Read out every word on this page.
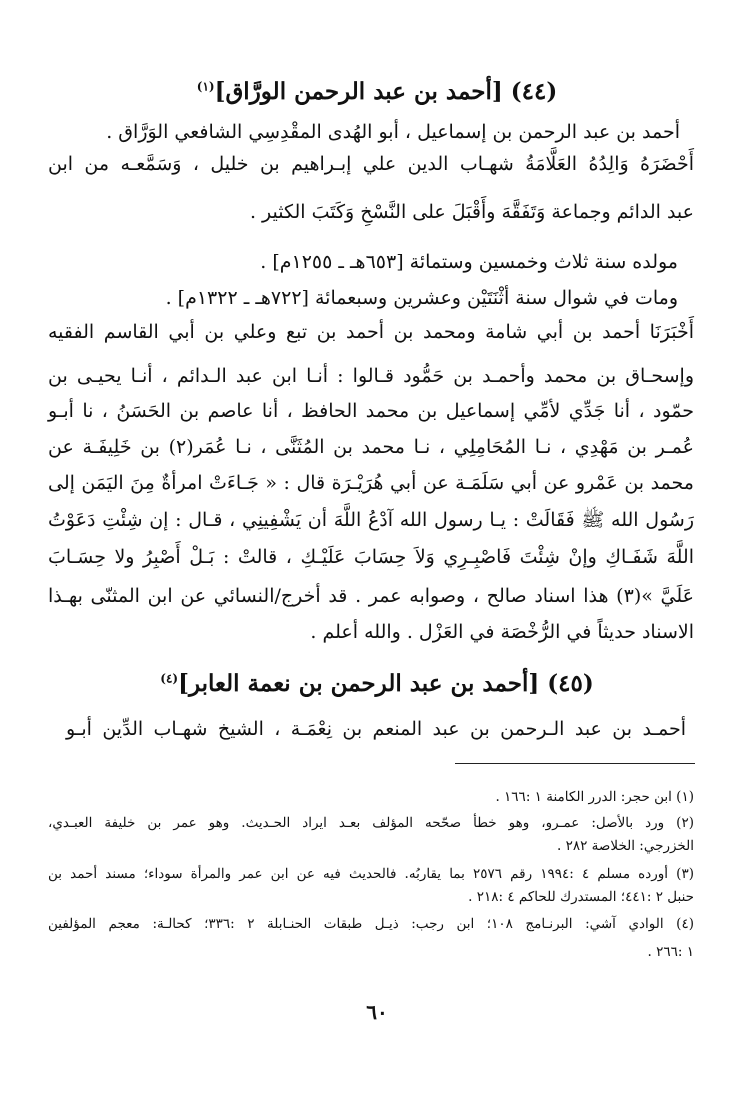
(٤٤) [أحمد بن عبد الرحمن الورَّاق]$^{(١)}$
أحمد بن عبد الرحمن بن إسماعيل ، أبو الهُدى المقْدِسِي الشافعي الوَرَّاق .
أَحْضَرَهُ وَالِدُهُ العَلَّامَةُ شهـاب الدين علي إبـراهيم بن خليل ، وَسَمَّعـه من ابن
عبد الدائم وجماعة وَتَفَقَّهَ وأَقْبَلَ على النَّسْخِ وَكَتَبَ الكثير .
مولده سنة ثلاث وخمسين وستمائة [٦٥٣هـ ـ ١٢٥٥م] .
ومات في شوال سنة أثْنَتَيْن وعشرين وسبعمائة [٧٢٢هـ ـ ١٣٢٢م] .
أَخْبَرَنَا أحمد بن أبي شامة ومحمد بن أحمد بن تبع وعلي بن أبي القاسم الفقيه
وإسحـاق بن محمد وأحمـد بن حَمُّود قـالوا : أنـا ابن عبد الـدائم ، أنـا يحيـى بن
حمّود ، أنا جَدِّي لأمِّي إسماعيل بن محمد الحافظ ، أنا عاصم بن الحَسَنُ ، نا أبـو
عُمـر بن مَهْدِي ، نـا المُحَامِلِي ، نـا محمد بن المُثَنَّى ، نـا عُمَر(٢) بن خَلِيفَـة عن
محمد بن عَمْرو عن أبي سَلَمَـة عن أبي هُرَيْـرَة قال : « جَـاءَتْ امرأةٌ مِنَ اليَمَن إلى
رَسُول الله ﷺ فَقَالَتْ : يـا رسول الله آدْعُ اللَّهَ أن يَشْفِينِي ، قـال : إن شِئْتِ دَعَوْتُ
اللَّهَ شَفَـاكِ وإنْ شِئْتَ فَاصْبِـرِي وَلاَ حِسَابَ عَلَيْـكِ ، قالتْ : بَـلْ أَصْبِرُ ولا حِسَـابَ
عَلَيَّ »(٣) هذا اسناد صالح ، وصوابه عمر . قد أخرج/النسائي عن ابن المثنّى بهـذا
الاسناد حديثاً في الرُّخْصَة في العَزْل . والله أعلم .
(٤٥) [أحمد بن عبد الرحمن بن نعمة العابر]$^{(٤)}$
أحمـد بن عبد الـرحمن بن عبد المنعم بن نِعْمَـة ، الشيخ شهـاب الدِّين أبـو
(١) ابن حجر: الدرر الكامنة ١ :١٦٦ .
(٢) ورد بالأصل: عمـرو، وهو خطأ صحّحه المؤلف بعـد ايراد الحـديث. وهو عمر بن خليفة العبـدي،
الخزرجي: الخلاصة ٢٨٢ .
(٣) أورده مسلم ٤ :١٩٩٤ رقم ٢٥٧٦ بما يقاربُه. فالحديث فيه عن ابن عمر والمرأة سوداء؛ مسند أحمد بن
حنبل ٢ :٤٤١؛ المستدرك للحاكم ٤ :٢١٨ .
(٤) الوادي آشي: البرنـامج ١٠٨؛ ابن رجب: ذيـل طبقات الحنـابلة ٢ :٣٣٦؛ كحالـة: معجم المؤلفين
١ :٢٦٦ .
٦٠
